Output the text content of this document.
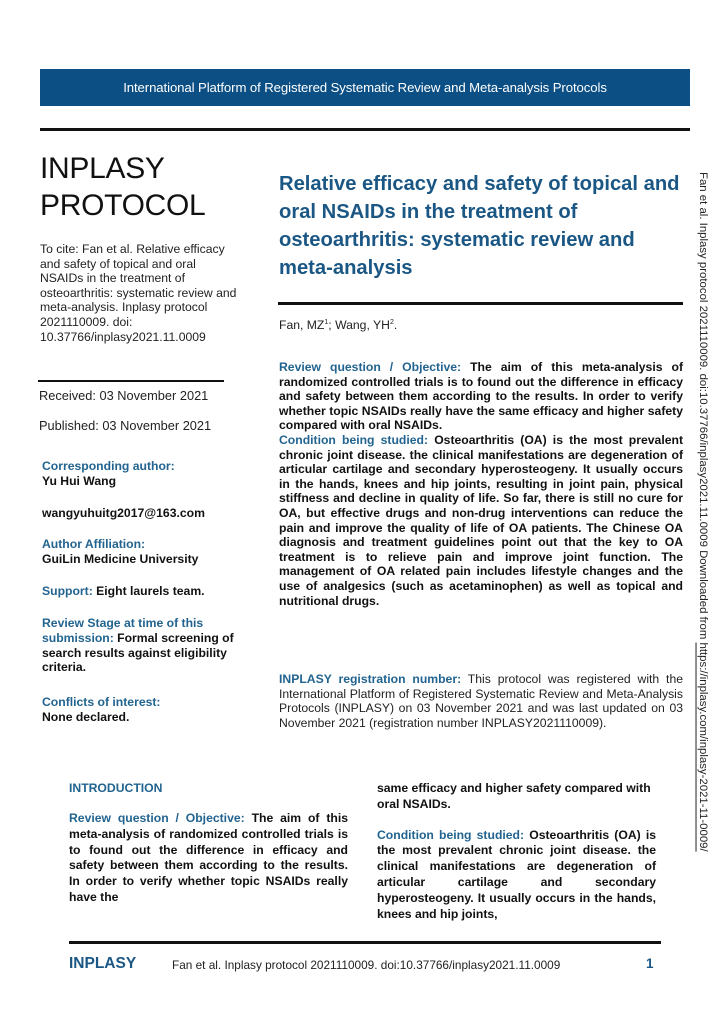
International Platform of Registered Systematic Review and Meta-analysis Protocols
INPLASY
PROTOCOL
To cite: Fan et al. Relative efficacy and safety of topical and oral NSAIDs in the treatment of osteoarthritis: systematic review and meta-analysis. Inplasy protocol 2021110009. doi: 10.37766/inplasy2021.11.0009
Received: 03 November 2021
Published: 03 November 2021
Corresponding author:
Yu Hui Wang
wangyuhuitg2017@163.com
Author Affiliation:
GuiLin Medicine University
Support: Eight laurels team.
Review Stage at time of this submission: Formal screening of search results against eligibility criteria.
Conflicts of interest:
None declared.
Relative efficacy and safety of topical and oral NSAIDs in the treatment of osteoarthritis: systematic review and meta-analysis
Fan, $MZ^1$; Wang, $YH^2$.
Review question / Objective: The aim of this meta-analysis of randomized controlled trials is to found out the difference in efficacy and safety between them according to the results. In order to verify whether topic NSAIDs really have the same efficacy and higher safety compared with oral NSAIDs.
Condition being studied: Osteoarthritis (OA) is the most prevalent chronic joint disease. the clinical manifestations are degeneration of articular cartilage and secondary hyperosteogeny. It usually occurs in the hands, knees and hip joints, resulting in joint pain, physical stiffness and decline in quality of life. So far, there is still no cure for OA, but effective drugs and non-drug interventions can reduce the pain and improve the quality of life of OA patients. The Chinese OA diagnosis and treatment guidelines point out that the key to OA treatment is to relieve pain and improve joint function. The management of OA related pain includes lifestyle changes and the use of analgesics (such as acetaminophen) as well as topical and nutritional drugs.
INPLASY registration number: This protocol was registered with the International Platform of Registered Systematic Review and Meta-Analysis Protocols (INPLASY) on 03 November 2021 and was last updated on 03 November 2021 (registration number INPLASY2021110009).
INTRODUCTION
Review question / Objective: The aim of this meta-analysis of randomized controlled trials is to found out the difference in efficacy and safety between them according to the results. In order to verify whether topic NSAIDs really have the
same efficacy and higher safety compared with oral NSAIDs.
Condition being studied: Osteoarthritis (OA) is the most prevalent chronic joint disease. the clinical manifestations are degeneration of articular cartilage and secondary hyperosteogeny. It usually occurs in the hands, knees and hip joints,
INPLASY	Fan et al. Inplasy protocol 2021110009. doi:10.37766/inplasy2021.11.0009	1
Fan et al. Inplasy protocol 2021110009. doi:10.37766/inplasy2021.11.0009 Downloaded from https://inplasy.com/inplasy-2021-11-0009/
